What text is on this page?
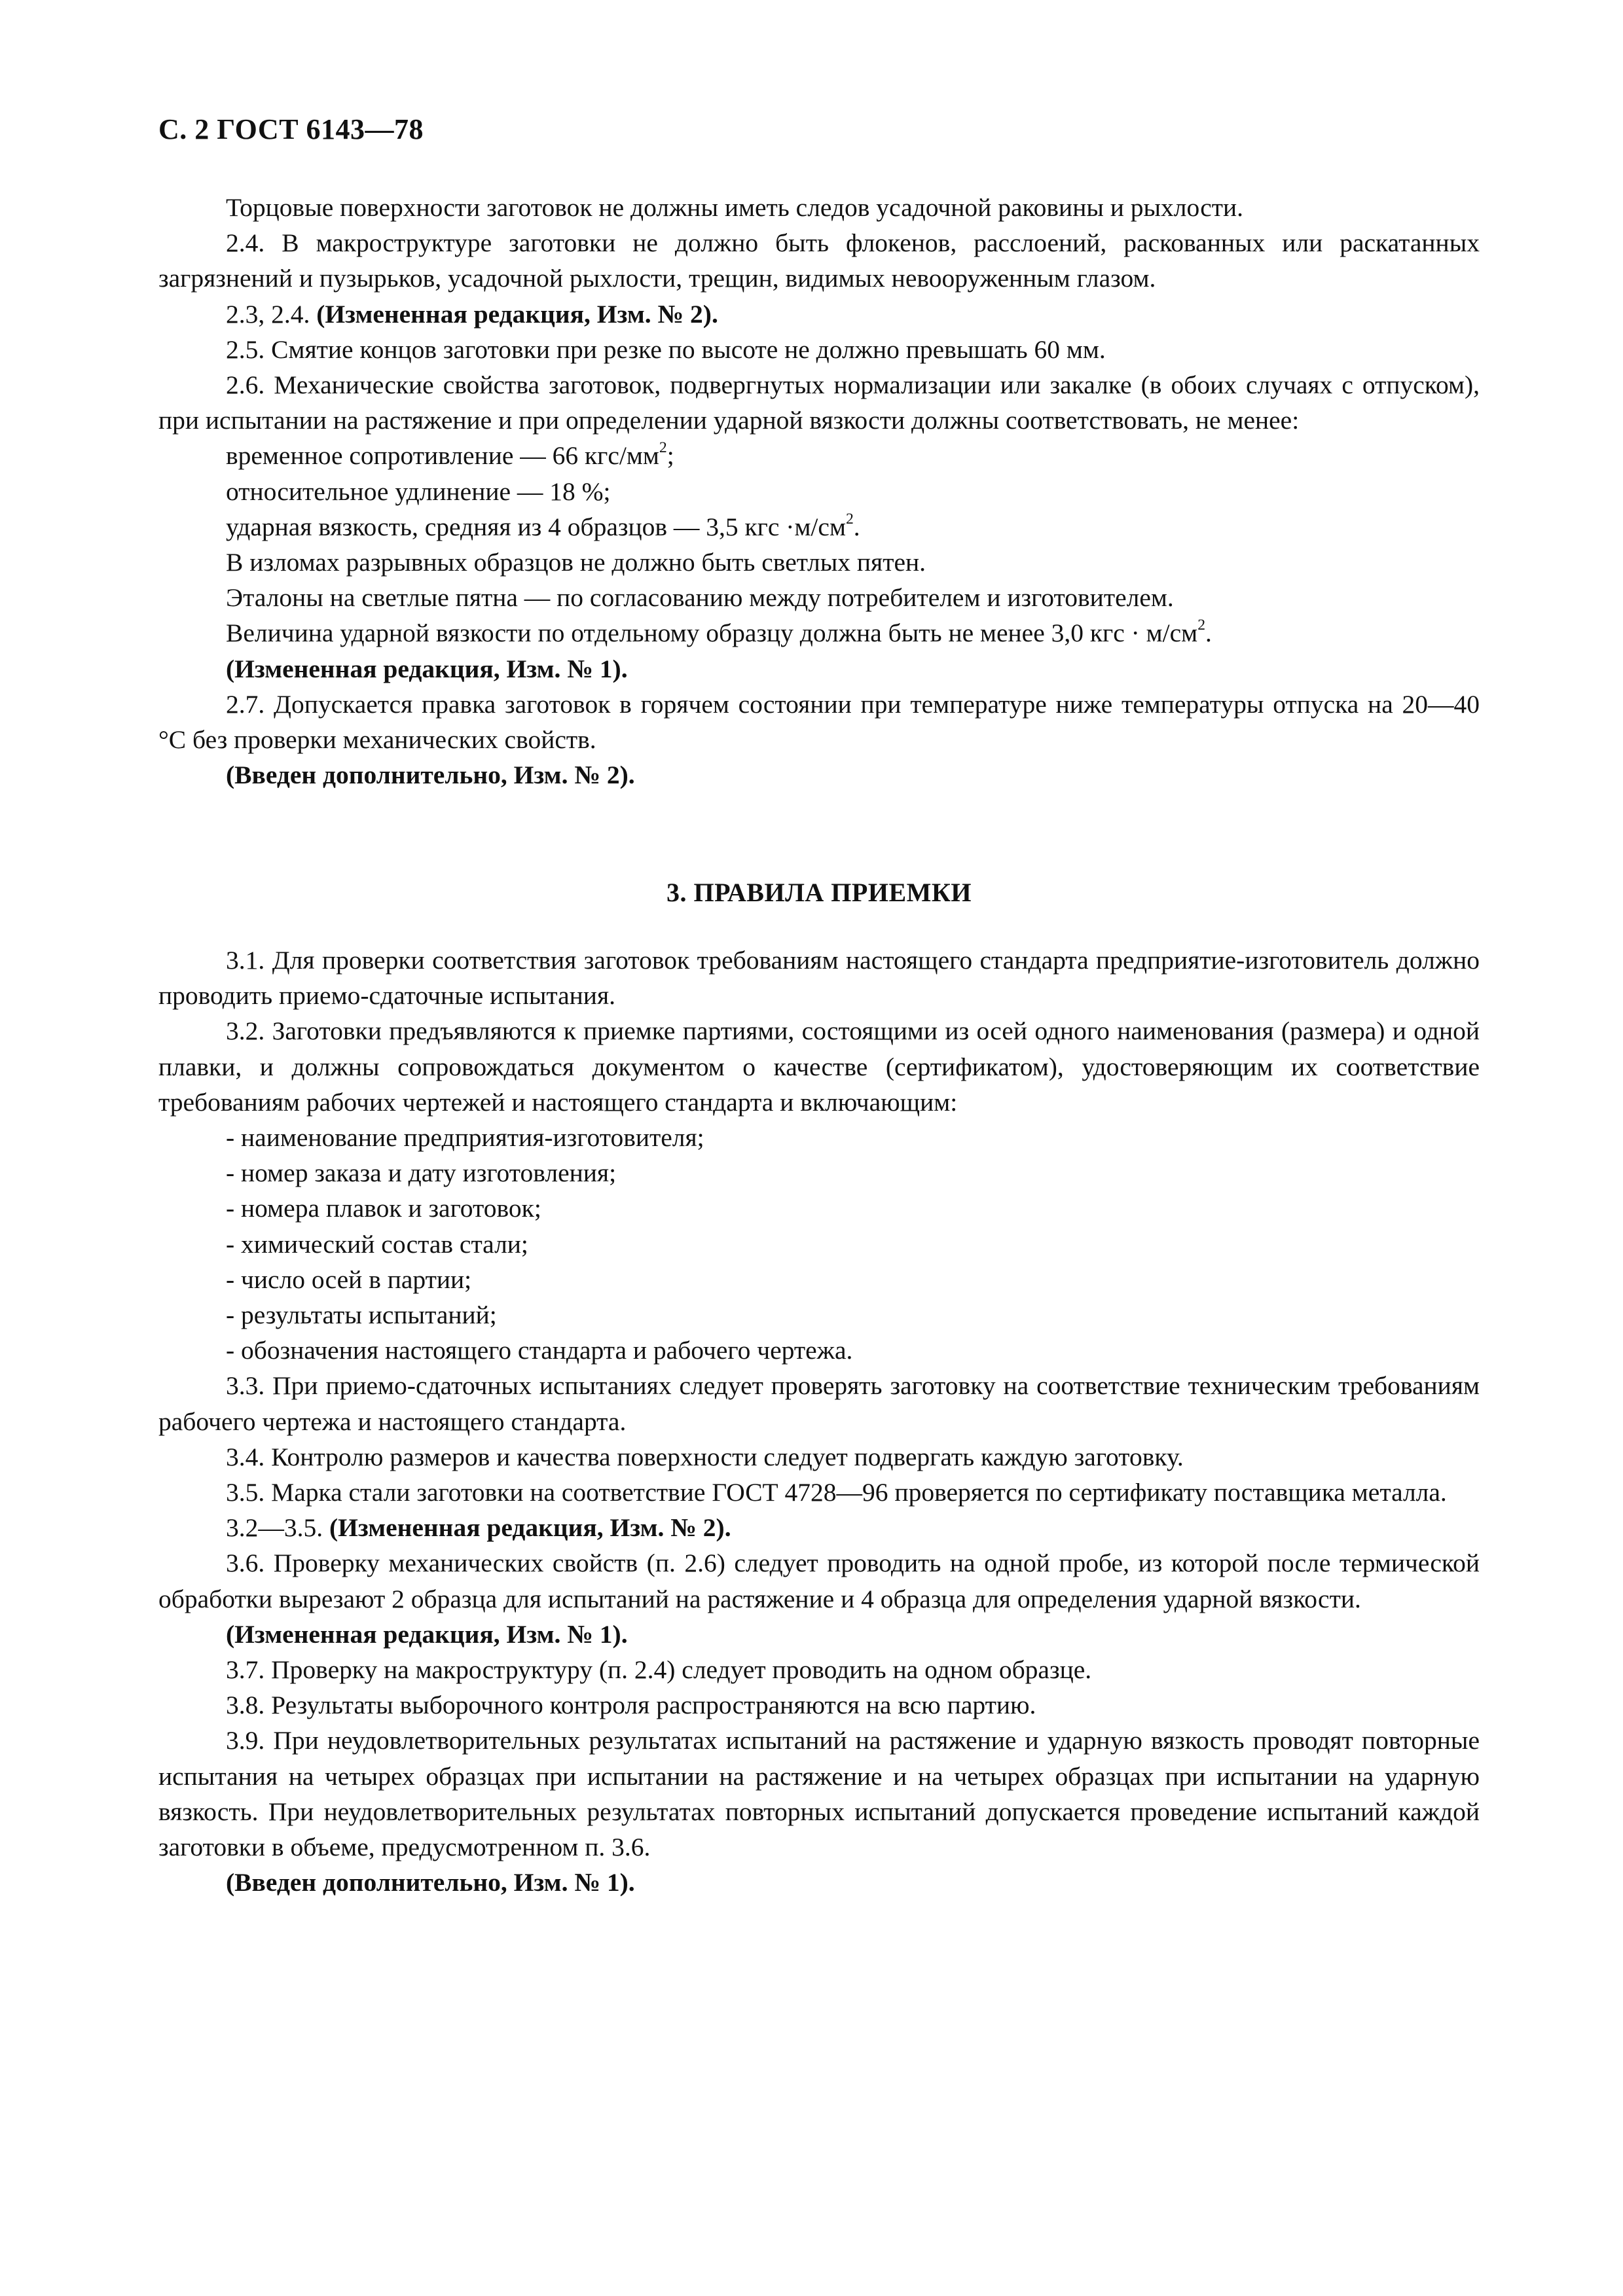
С. 2 ГОСТ 6143—78

Торцовые поверхности заготовок не должны иметь следов усадочной раковины и рыхлости.

2.4. В макроструктуре заготовки не должно быть флокенов, расслоений, раскованных или раскатанных загрязнений и пузырьков, усадочной рыхлости, трещин, видимых невооруженным глазом.

2.3, 2.4. (Измененная редакция, Изм. № 2).

2.5. Смятие концов заготовки при резке по высоте не должно превышать 60 мм.

2.6. Механические свойства заготовок, подвергнутых нормализации или закалке (в обоих случаях с отпуском), при испытании на растяжение и при определении ударной вязкости должны соответствовать, не менее:

временное сопротивление — 66 кгс/$мм^2$;

относительное удлинение — 18 %;

ударная вязкость, средняя из 4 образцов — 3,5 кгс $\cdot м/см^2$.

В изломах разрывных образцов не должно быть светлых пятен.

Эталоны на светлые пятна — по согласованию между потребителем и изготовителем.

Величина ударной вязкости по отдельному образцу должна быть не менее 3,0 кгс · $м/см^2$.

(Измененная редакция, Изм. № 1).

2.7. Допускается правка заготовок в горячем состоянии при температуре ниже температуры отпуска на 20—40 °С без проверки механических свойств.

(Введен дополнительно, Изм. № 2).

3. ПРАВИЛА ПРИЕМКИ

3.1. Для проверки соответствия заготовок требованиям настоящего стандарта предприятие-изготовитель должно проводить приемо-сдаточные испытания.

3.2. Заготовки предъявляются к приемке партиями, состоящими из осей одного наименования (размера) и одной плавки, и должны сопровождаться документом о качестве (сертификатом), удостоверяющим их соответствие требованиям рабочих чертежей и настоящего стандарта и включающим:

- наименование предприятия-изготовителя;

- номер заказа и дату изготовления;

- номера плавок и заготовок;

- химический состав стали;

- число осей в партии;

- результаты испытаний;

- обозначения настоящего стандарта и рабочего чертежа.

3.3. При приемо-сдаточных испытаниях следует проверять заготовку на соответствие техническим требованиям рабочего чертежа и настоящего стандарта.

3.4. Контролю размеров и качества поверхности следует подвергать каждую заготовку.

3.5. Марка стали заготовки на соответствие ГОСТ 4728—96 проверяется по сертификату поставщика металла.

3.2—3.5. (Измененная редакция, Изм. № 2).

3.6. Проверку механических свойств (п. 2.6) следует проводить на одной пробе, из которой после термической обработки вырезают 2 образца для испытаний на растяжение и 4 образца для определения ударной вязкости.

(Измененная редакция, Изм. № 1).

3.7. Проверку на макроструктуру (п. 2.4) следует проводить на одном образце.

3.8. Результаты выборочного контроля распространяются на всю партию.

3.9. При неудовлетворительных результатах испытаний на растяжение и ударную вязкость проводят повторные испытания на четырех образцах при испытании на растяжение и на четырех образцах при испытании на ударную вязкость. При неудовлетворительных результатах повторных испытаний допускается проведение испытаний каждой заготовки в объеме, предусмотренном п. 3.6.

(Введен дополнительно, Изм. № 1).
